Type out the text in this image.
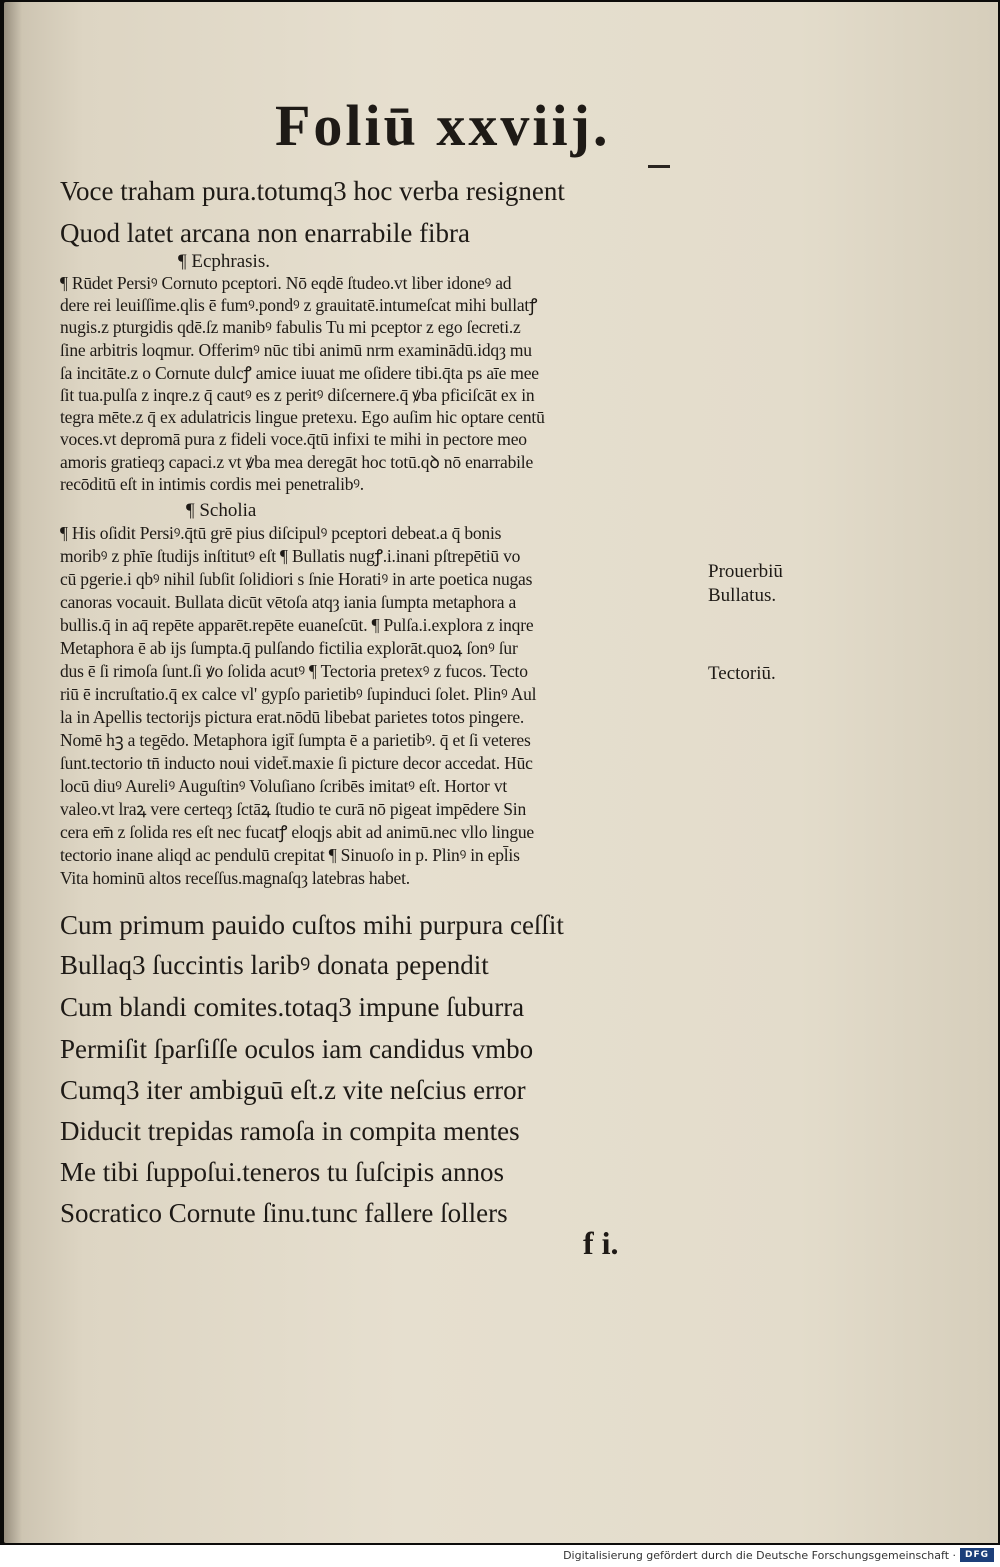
Foliū xxviij.
Voce traham pura.totumq3 hoc verba resignent
Quod latet arcana non enarrabile fibra
¶ Ecphrasis.
¶ Rūdet Persiꝰ Cornuto pceptori. Nō eqdē ſtudeo.vt liber idoneꝰ ad
dere rei leuiſſime.qlis ē fumꝰ.pondꝰ z grauitatē.intumeſcat mihi bullatꝭ
nugis.z pturgidis qdē.ſz manibꝰ fabulis Tu mi pceptor z ego ſecreti.z
ſine arbitris loqmur. Offerimꝰ nūc tibi animū nrm examinādū.idqȝ mu
ſa incitāte.z o Cornute dulcꝭ amice iuuat me oſidere tibi.q̄ta ps aīe mee
ſit tua.pulſa z inqre.z q̄ cautꝰ es z peritꝰ diſcernere.q̄ ꝟba pficiſcāt ex in
tegra mēte.z q̄ ex adulatricis lingue pretexu. Ego auſim hic optare centū
voces.vt depromā pura z fideli voce.q̄tū infixi te mihi in pectore meo
amoris gratieqȝ capaci.z vt ꝟba mea deregāt hoc totū.qꝺ nō enarrabile
recōditū eſt in intimis cordis mei penetralibꝰ.
¶ Scholia
¶ His oſidit Persiꝰ.q̄tū grē pius diſcipulꝰ pceptori debeat.a q̄ bonis
moribꝰ z phīe ſtudijs inſtitutꝰ eſt ¶ Bullatis nugꝭ.i.inani pſtrepētiū vo
cū pgerie.i qbꝰ nihil ſubſit ſolidiori s ſnie Horatiꝰ in arte poetica nugas
canoras vocauit. Bullata dicūt vētoſa atqȝ iania ſumpta metaphora a
bullis.q̄ in aq̄ repēte apparēt.repēte euaneſcūt. ¶ Pulſa.i.explora z inqre
Metaphora ē ab ijs ſumpta.q̄ pulſando fictilia explorāt.quoꝝ ſonꝰ ſur
dus ē ſi rimoſa ſunt.ſi ꝟo ſolida acutꝰ ¶ Tectoria pretexꝰ z fucos. Tecto
riū ē incruſtatio.q̄ ex calce vl' gypſo parietibꝰ ſupinduci ſolet. Plinꝰ Aul
la in Apellis tectorijs pictura erat.nōdū libebat parietes totos pingere.
Nomē hꝫ a tegēdo. Metaphora igit̄ ſumpta ē a parietibꝰ. q̄ et ſi veteres
ſunt.tectorio tn̄ inducto noui videt̄.maxie ſi picture decor accedat. Hūc
locū diuꝰ Aureliꝰ Auguſtinꝰ Voluſiano ſcribēs imitatꝰ eſt. Hortor vt
valeo.vt lraꝝ vere certeqȝ ſctāꝝ ſtudio te curā nō pigeat impēdere Sin
cera em̄ z ſolida res eſt nec fucatꝭ eloqjs abit ad animū.nec vllo lingue
tectorio inane aliqd ac pendulū crepitat ¶ Sinuoſo in p. Plinꝰ in epl̄is
Vita hominū altos receſſus.magnaſqȝ latebras habet.
Prouerbiū
Bullatus.
Tectoriū.
Cum primum pauido cuſtos mihi purpura ceſſit
Bullaq3 ſuccintis laribꝰ donata pependit
Cum blandi comites.totaq3 impune ſuburra
Permiſit ſparſiſſe oculos iam candidus vmbo
Cumq3 iter ambiguū eſt.z vite neſcius error
Diducit trepidas ramoſa in compita mentes
Me tibi ſuppoſui.teneros tu ſuſcipis annos
Socratico Cornute ſinu.tunc fallere ſollers
f i.
Digitalisierung gefördert durch die Deutsche Forschungsgemeinschaft · DFG
